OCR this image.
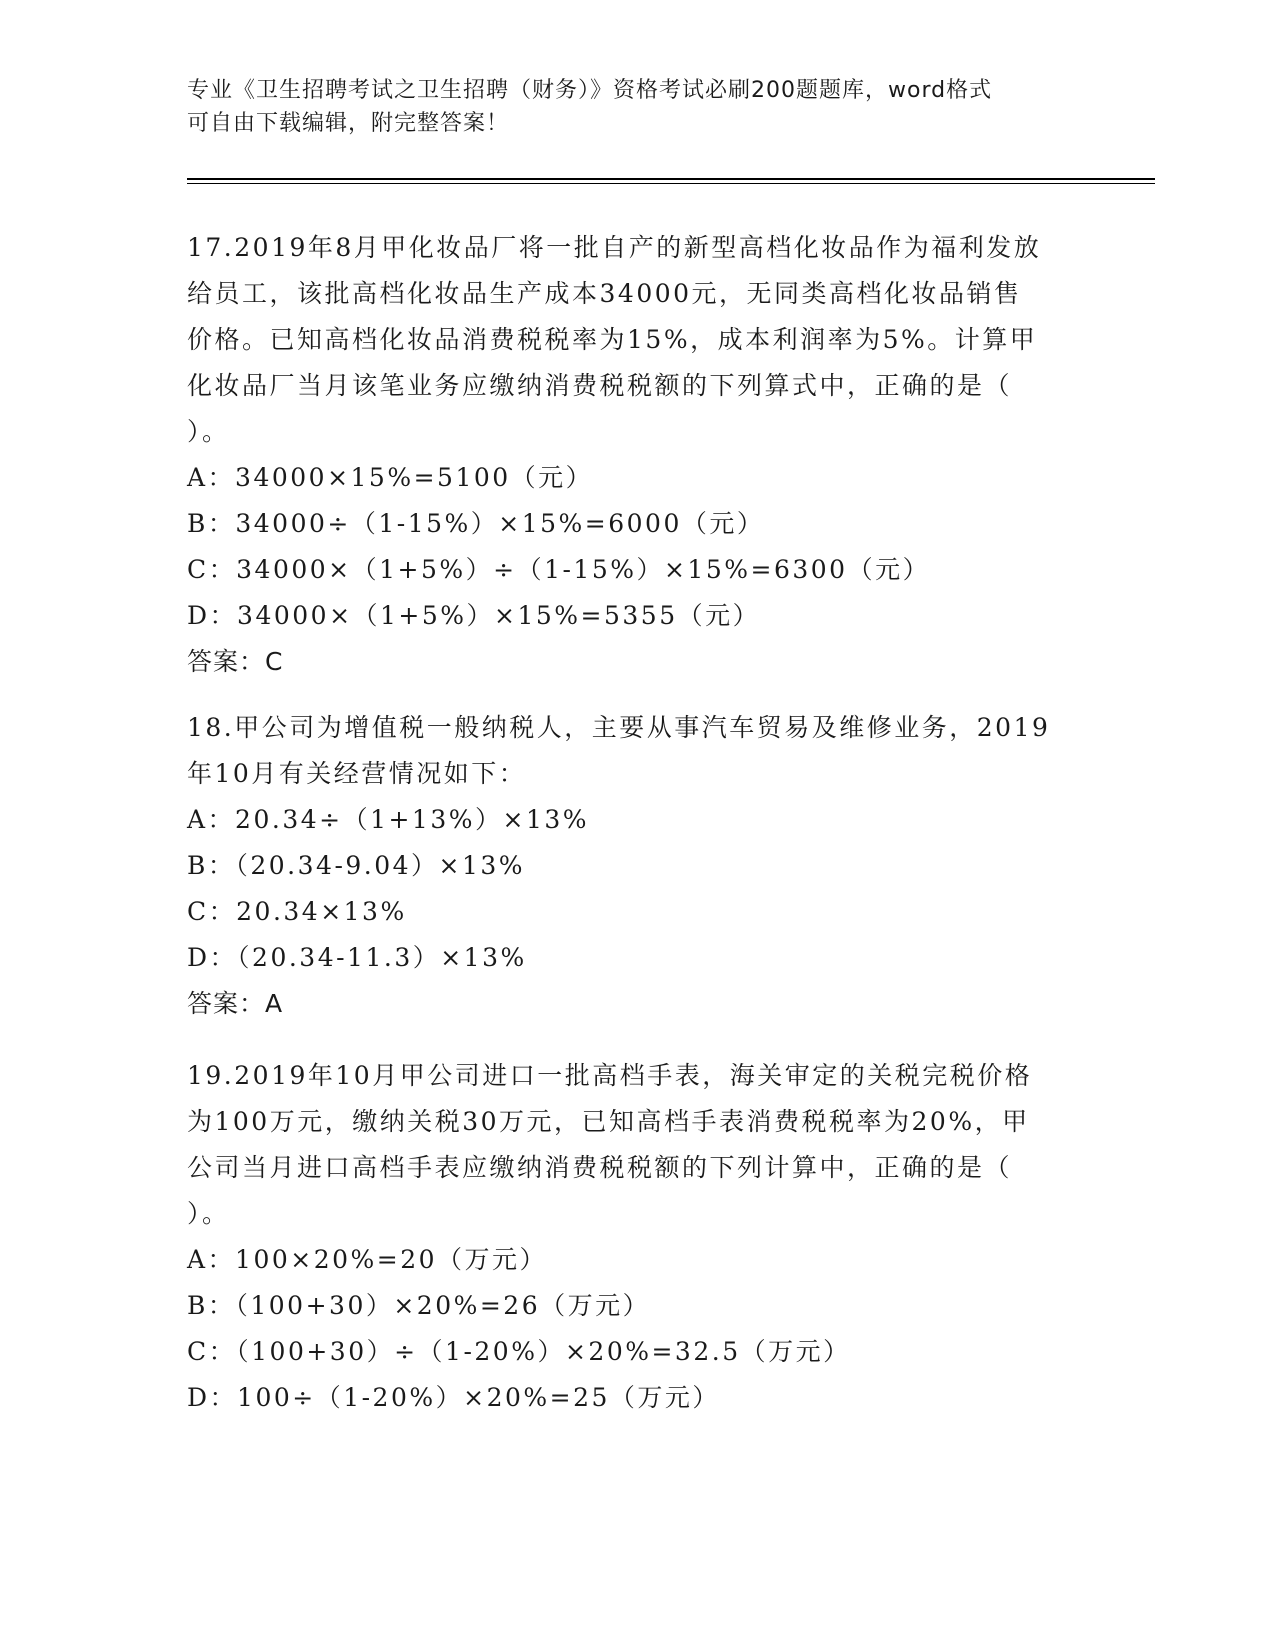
专业《卫生招聘考试之卫生招聘（财务）》资格考试必刷200题题库，word格式
可自由下载编辑，附完整答案！
17.2019年8月甲化妆品厂将一批自产的新型高档化妆品作为福利发放
给员工，该批高档化妆品生产成本34000元，无同类高档化妆品销售
价格。已知高档化妆品消费税税率为15%，成本利润率为5%。计算甲
化妆品厂当月该笔业务应缴纳消费税税额的下列算式中，正确的是（
）。
A：34000×15%=5100（元）
B：34000÷（1-15%）×15%=6000（元）
C：34000×（1+5%）÷（1-15%）×15%=6300（元）
D：34000×（1+5%）×15%=5355（元）
答案：C
18.甲公司为增值税一般纳税人，主要从事汽车贸易及维修业务，2019
年10月有关经营情况如下：
A：20.34÷（1+13%）×13%
B：（20.34-9.04）×13%
C：20.34×13%
D：（20.34-11.3）×13%
答案：A
19.2019年10月甲公司进口一批高档手表，海关审定的关税完税价格
为100万元，缴纳关税30万元，已知高档手表消费税税率为20%，甲
公司当月进口高档手表应缴纳消费税税额的下列计算中，正确的是（
）。
A：100×20%=20（万元）
B：（100+30）×20%=26（万元）
C：（100+30）÷（1-20%）×20%=32.5（万元）
D：100÷（1-20%）×20%=25（万元）
